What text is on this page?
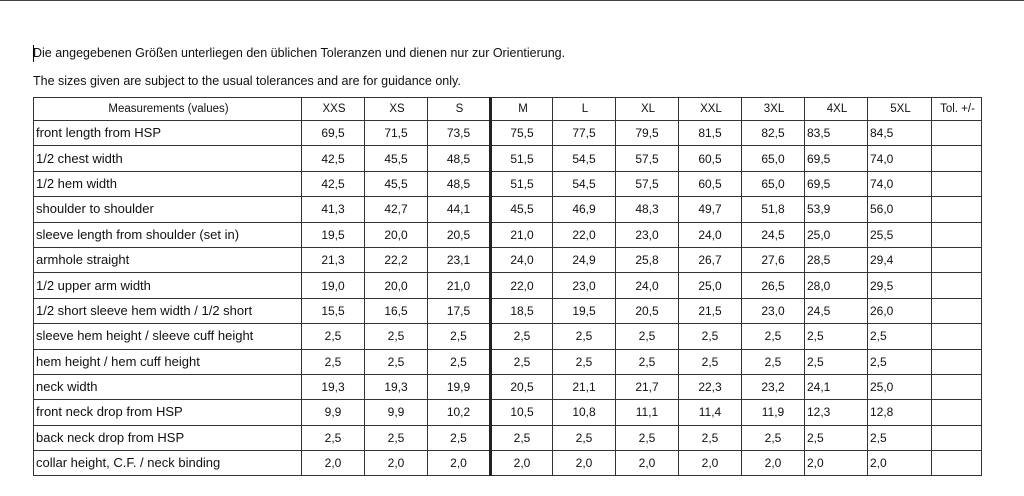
Die angegebenen Größen unterliegen den üblichen Toleranzen und dienen nur zur Orientierung.
The sizes given are subject to the usual tolerances and are for guidance only.
Measurements (values)	XXS	XS	S	M	L	XL	XXL	3XL	4XL	5XL	Tol. +/-
front length from HSP	69,5	71,5	73,5	75,5	77,5	79,5	81,5	82,5	83,5	84,5	
1/2 chest width	42,5	45,5	48,5	51,5	54,5	57,5	60,5	65,0	69,5	74,0	
1/2 hem width	42,5	45,5	48,5	51,5	54,5	57,5	60,5	65,0	69,5	74,0	
shoulder to shoulder	41,3	42,7	44,1	45,5	46,9	48,3	49,7	51,8	53,9	56,0	
sleeve length from shoulder (set in)	19,5	20,0	20,5	21,0	22,0	23,0	24,0	24,5	25,0	25,5	
armhole straight	21,3	22,2	23,1	24,0	24,9	25,8	26,7	27,6	28,5	29,4	
1/2 upper arm width	19,0	20,0	21,0	22,0	23,0	24,0	25,0	26,5	28,0	29,5	
1/2 short sleeve hem width / 1/2 short	15,5	16,5	17,5	18,5	19,5	20,5	21,5	23,0	24,5	26,0	
sleeve hem height / sleeve cuff height	2,5	2,5	2,5	2,5	2,5	2,5	2,5	2,5	2,5	2,5	
hem height / hem cuff height	2,5	2,5	2,5	2,5	2,5	2,5	2,5	2,5	2,5	2,5	
neck width	19,3	19,3	19,9	20,5	21,1	21,7	22,3	23,2	24,1	25,0	
front neck drop from HSP	9,9	9,9	10,2	10,5	10,8	11,1	11,4	11,9	12,3	12,8	
back neck drop from HSP	2,5	2,5	2,5	2,5	2,5	2,5	2,5	2,5	2,5	2,5	
collar height, C.F. / neck binding	2,0	2,0	2,0	2,0	2,0	2,0	2,0	2,0	2,0	2,0	
